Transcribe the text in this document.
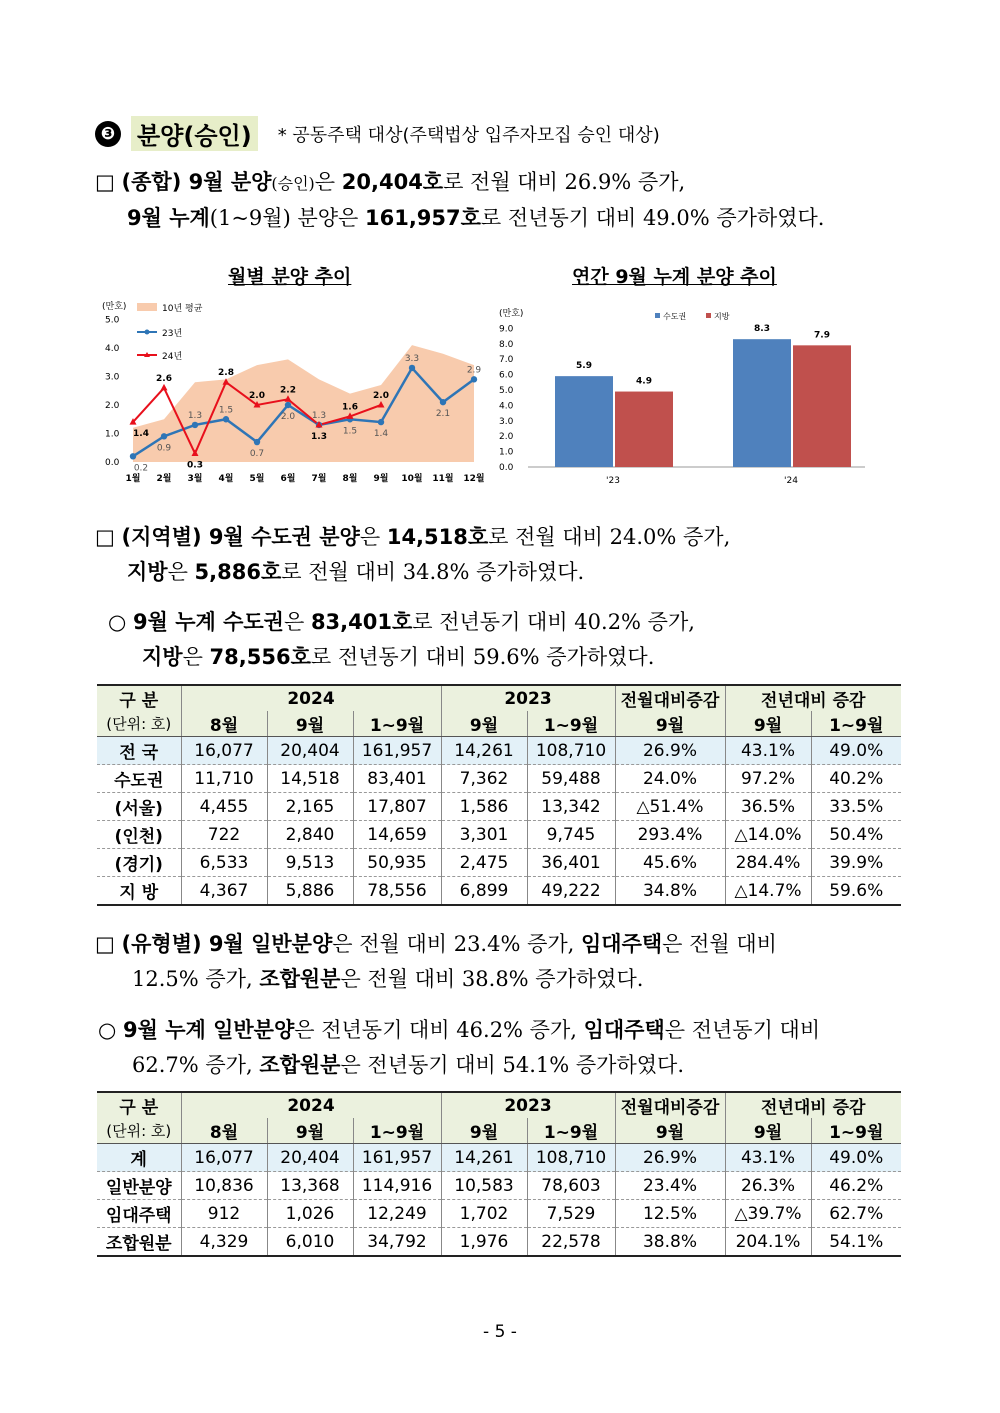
❸ 분양(승인)	* 공동주택 대상(주택법상 입주자모집 승인 대상)
□ (종합) 9월 분양(승인)은 20,404호로 전월 대비 26.9% 증가,
9월 누계(1~9월) 분양은 161,957호로 전년동기 대비 49.0% 증가하였다.
월별 분양 추이	연간 9월 누계 분양 추이
(만호)
0.0
1.0
2.0
3.0
4.0
5.0
10년 평균
23년
24년
0.2
0.9
1.3
1.5
0.7
2.0 1.3
1.5 1.4
3.3
2.1
2.9
1.4
2.6
0.3
2.8
2.0
2.2
1.3
1.6
2.0
1월 2월 3월 4월 5월 6월 7월 8월 9월 10월 11월 12월
(만호)	수도권	지방
0.0
1.0
2.0
3.0
4.0
5.0
6.0
7.0
8.0
9.0
5.9
4.9
'23
8.3
7.9
'24
□ (지역별) 9월 수도권 분양은 14,518호로 전월 대비 24.0% 증가,
지방은 5,886호로 전월 대비 34.8% 증가하였다.
○ 9월 누계 수도권은 83,401호로 전년동기 대비 40.2% 증가,
지방은 78,556호로 전년동기 대비 59.6% 증가하였다.
구 분	2024			2023		전월대비증감	전년대비 증감	
(단위: 호)	8월	9월	1~9월	9월	1~9월	9월	9월	1~9월
전 국	16,077	20,404	161,957	14,261	108,710	26.9%	43.1%	49.0%
수도권	11,710	14,518	83,401	7,362	59,488	24.0%	97.2%	40.2%
(서울)	4,455	2,165	17,807	1,586	13,342	△51.4%	36.5%	33.5%
(인천)	722	2,840	14,659	3,301	9,745	293.4%	△14.0%	50.4%
(경기)	6,533	9,513	50,935	2,475	36,401	45.6%	284.4%	39.9%
지 방	4,367	5,886	78,556	6,899	49,222	34.8%	△14.7%	59.6%
□ (유형별) 9월 일반분양은 전월 대비 23.4% 증가, 임대주택은 전월 대비
12.5% 증가, 조합원분은 전월 대비 38.8% 증가하였다.
○ 9월 누계 일반분양은 전년동기 대비 46.2% 증가, 임대주택은 전년동기 대비
62.7% 증가, 조합원분은 전년동기 대비 54.1% 증가하였다.
구 분	2024			2023		전월대비증감	전년대비 증감	
(단위: 호)	8월	9월	1~9월	9월	1~9월	9월	9월	1~9월
계	16,077	20,404	161,957	14,261	108,710	26.9%	43.1%	49.0%
일반분양	10,836	13,368	114,916	10,583	78,603	23.4%	26.3%	46.2%
임대주택	912	1,026	12,249	1,702	7,529	12.5%	△39.7%	62.7%
조합원분	4,329	6,010	34,792	1,976	22,578	38.8%	204.1%	54.1%
- 5 -
